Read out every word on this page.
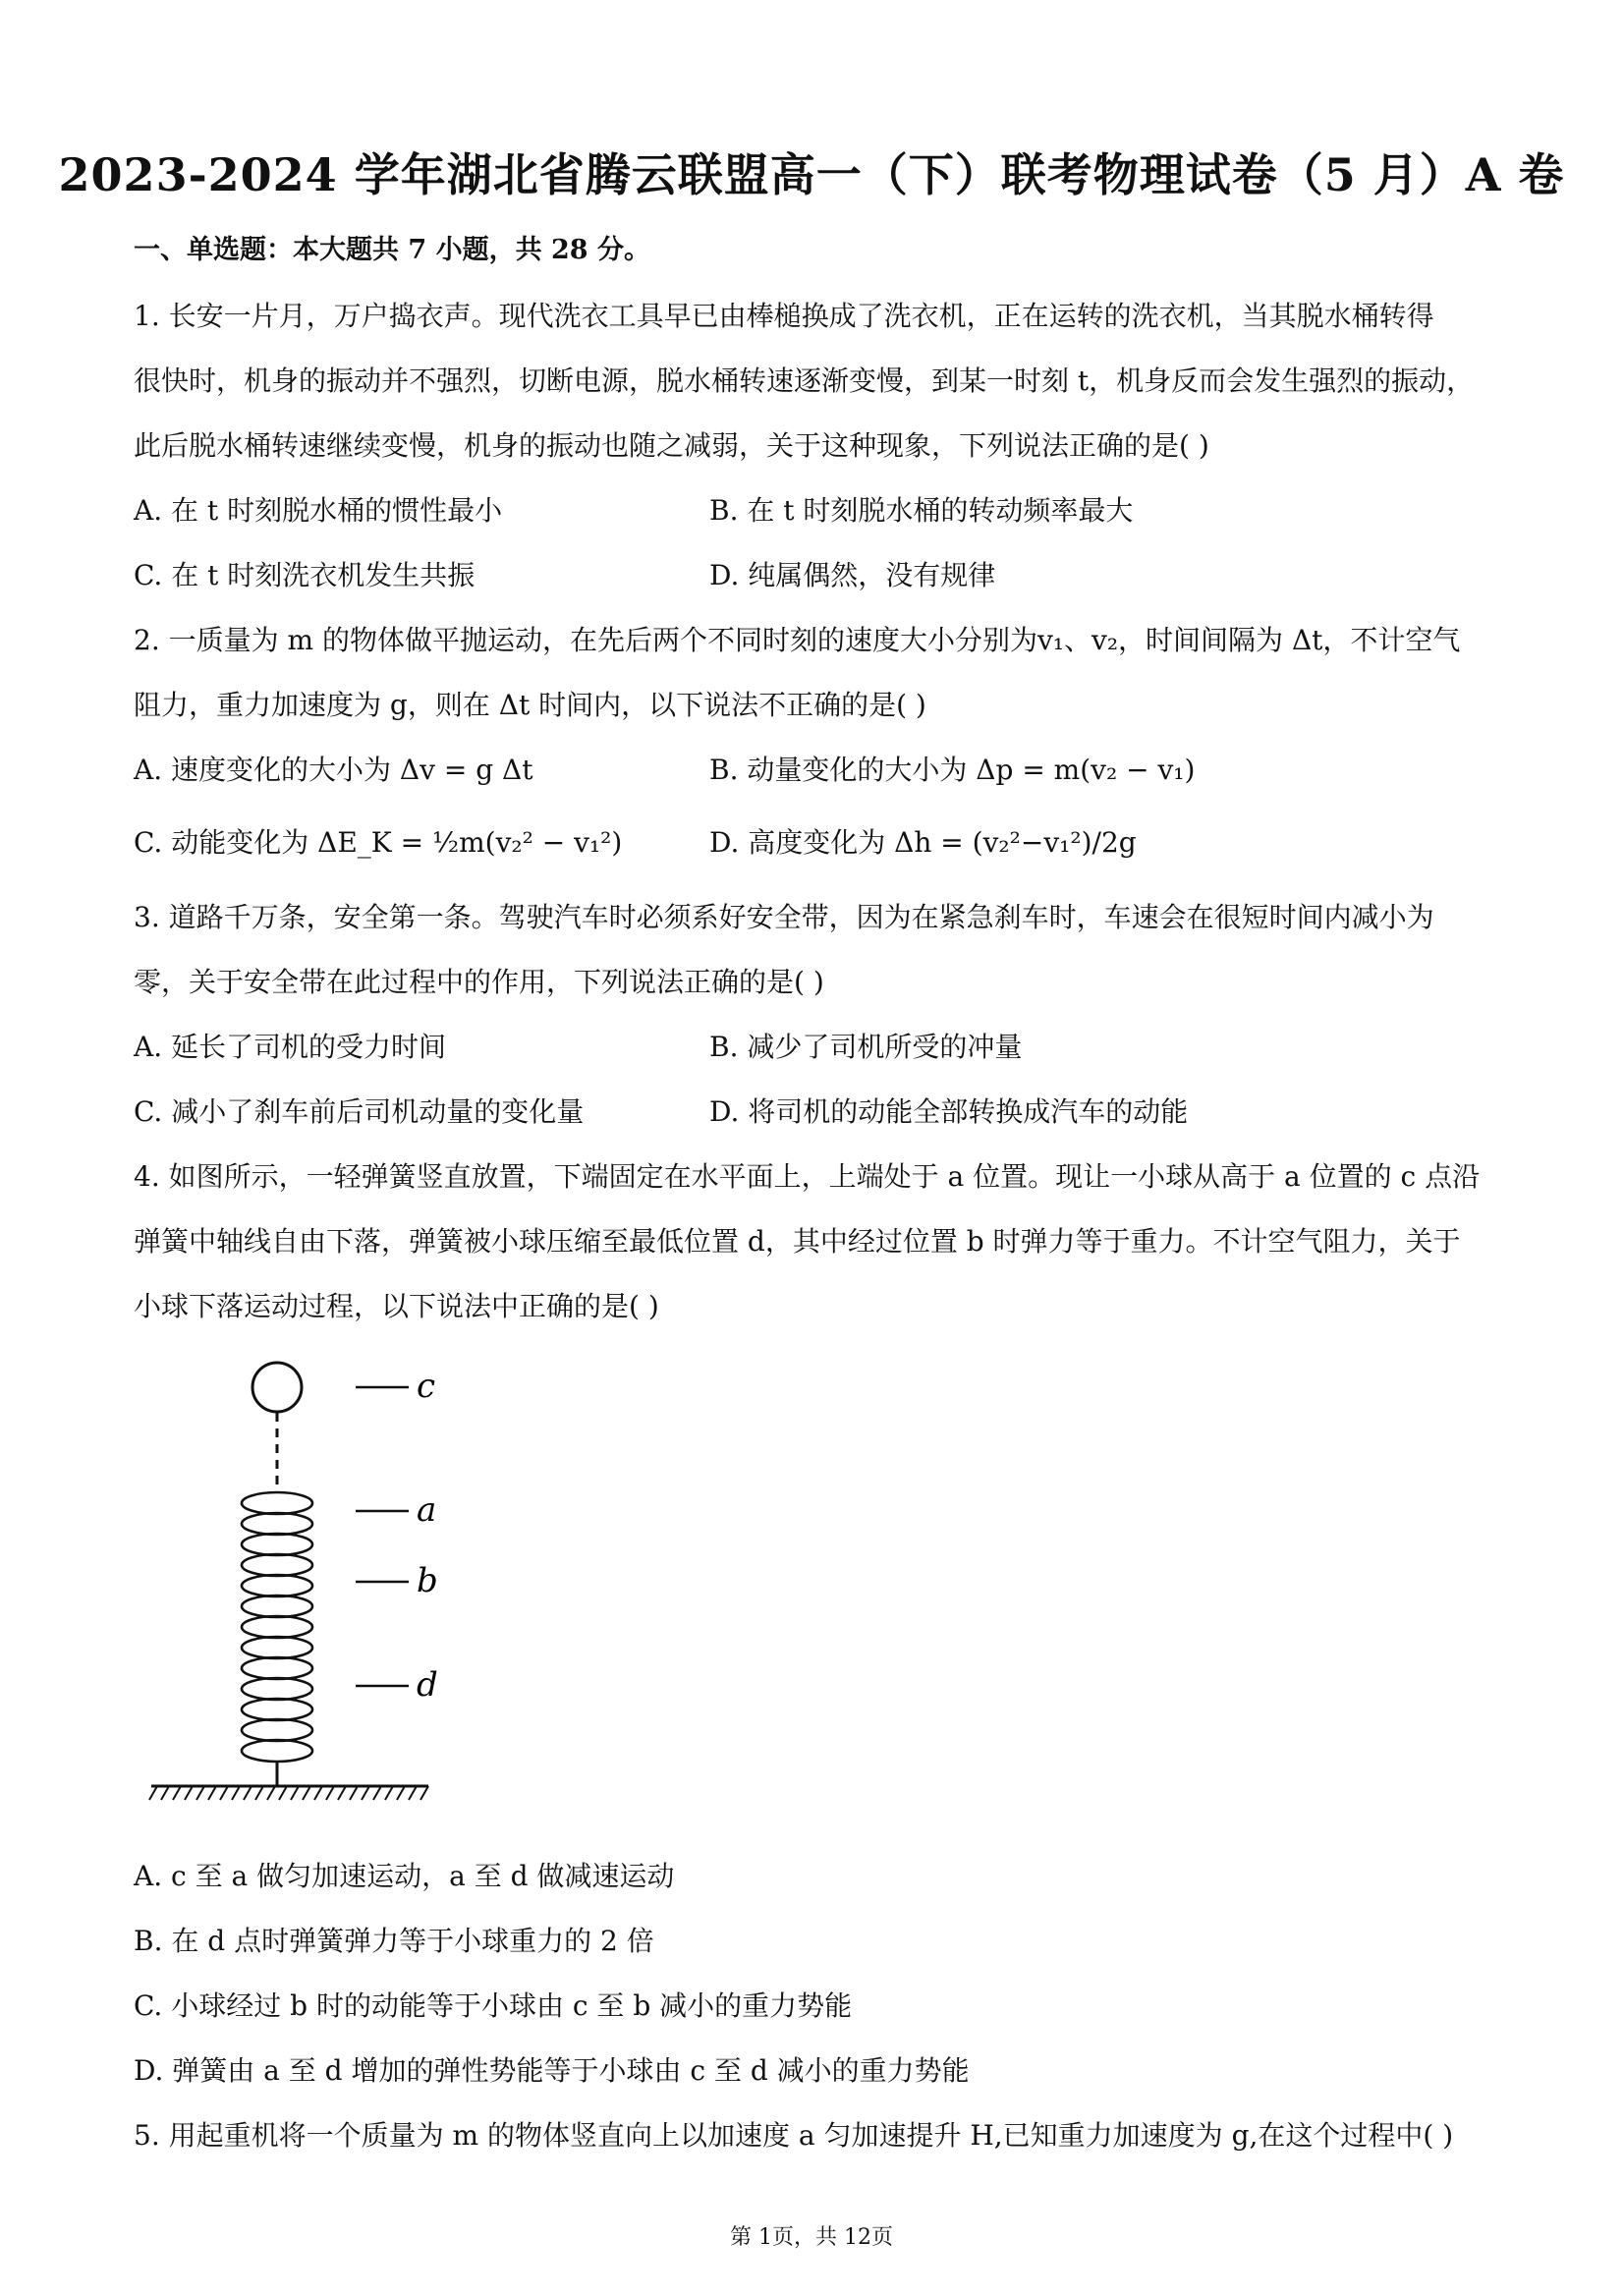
2023-2024 学年湖北省腾云联盟高一（下）联考物理试卷（5 月）A 卷
一、单选题：本大题共 7 小题，共 28 分。
1. 长安一片月，万户捣衣声。现代洗衣工具早已由棒槌换成了洗衣机，正在运转的洗衣机，当其脱水桶转得
很快时，机身的振动并不强烈，切断电源，脱水桶转速逐渐变慢，到某一时刻 t，机身反而会发生强烈的振动，
此后脱水桶转速继续变慢，机身的振动也随之减弱，关于这种现象，下列说法正确的是( )
A. 在 t 时刻脱水桶的惯性最小	B. 在 t 时刻脱水桶的转动频率最大
C. 在 t 时刻洗衣机发生共振	D. 纯属偶然，没有规律
2. 一质量为 m 的物体做平抛运动，在先后两个不同时刻的速度大小分别为v₁、v₂，时间间隔为 Δt，不计空气
阻力，重力加速度为 g，则在 Δt 时间内，以下说法不正确的是( )
A. 速度变化的大小为 Δv = g Δt	B. 动量变化的大小为 Δp = m(v₂ − v₁)
C. 动能变化为 ΔE_K = ½m(v₂² − v₁²)	D. 高度变化为 Δh = (v₂²−v₁²)/2g
3. 道路千万条，安全第一条。驾驶汽车时必须系好安全带，因为在紧急刹车时，车速会在很短时间内减小为
零，关于安全带在此过程中的作用，下列说法正确的是( )
A. 延长了司机的受力时间	B. 减少了司机所受的冲量
C. 减小了刹车前后司机动量的变化量	D. 将司机的动能全部转换成汽车的动能
4. 如图所示，一轻弹簧竖直放置，下端固定在水平面上，上端处于 a 位置。现让一小球从高于 a 位置的 c 点沿
弹簧中轴线自由下落，弹簧被小球压缩至最低位置 d，其中经过位置 b 时弹力等于重力。不计空气阻力，关于
小球下落运动过程，以下说法中正确的是( )
c
a
b
d
A. c 至 a 做匀加速运动，a 至 d 做减速运动
B. 在 d 点时弹簧弹力等于小球重力的 2 倍
C. 小球经过 b 时的动能等于小球由 c 至 b 减小的重力势能
D. 弹簧由 a 至 d 增加的弹性势能等于小球由 c 至 d 减小的重力势能
5. 用起重机将一个质量为 m 的物体竖直向上以加速度 a 匀加速提升 H,已知重力加速度为 g,在这个过程中( )
第 1页，共 12页
